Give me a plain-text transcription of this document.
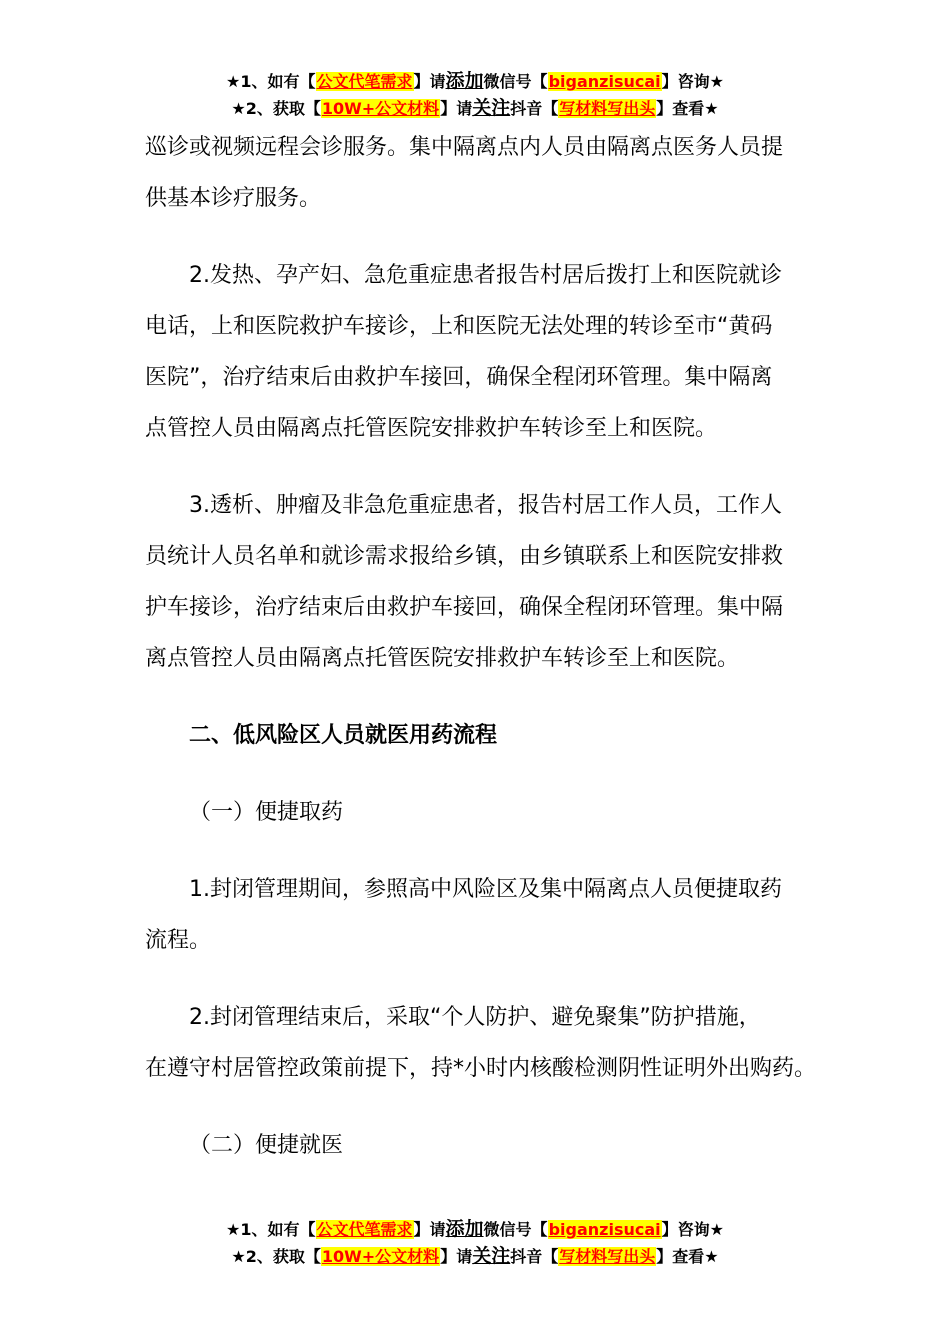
★1、如有【公文代笔需求】请添加微信号【biganzisucai】咨询★
★2、获取【10W+公文材料】请关注抖音【写材料写出头】查看★
巡诊或视频远程会诊服务。集中隔离点内人员由隔离点医务人员提
供基本诊疗服务。
2.发热、孕产妇、急危重症患者报告村居后拨打上和医院就诊
电话，上和医院救护车接诊，上和医院无法处理的转诊至市“黄码
医院”，治疗结束后由救护车接回，确保全程闭环管理。集中隔离
点管控人员由隔离点托管医院安排救护车转诊至上和医院。
3.透析、肿瘤及非急危重症患者，报告村居工作人员，工作人
员统计人员名单和就诊需求报给乡镇，由乡镇联系上和医院安排救
护车接诊，治疗结束后由救护车接回，确保全程闭环管理。集中隔
离点管控人员由隔离点托管医院安排救护车转诊至上和医院。
二、低风险区人员就医用药流程
（一）便捷取药
1.封闭管理期间，参照高中风险区及集中隔离点人员便捷取药
流程。
2.封闭管理结束后，采取“个人防护、避免聚集”防护措施，
在遵守村居管控政策前提下，持*小时内核酸检测阴性证明外出购药。
（二）便捷就医
★1、如有【公文代笔需求】请添加微信号【biganzisucai】咨询★
★2、获取【10W+公文材料】请关注抖音【写材料写出头】查看★
